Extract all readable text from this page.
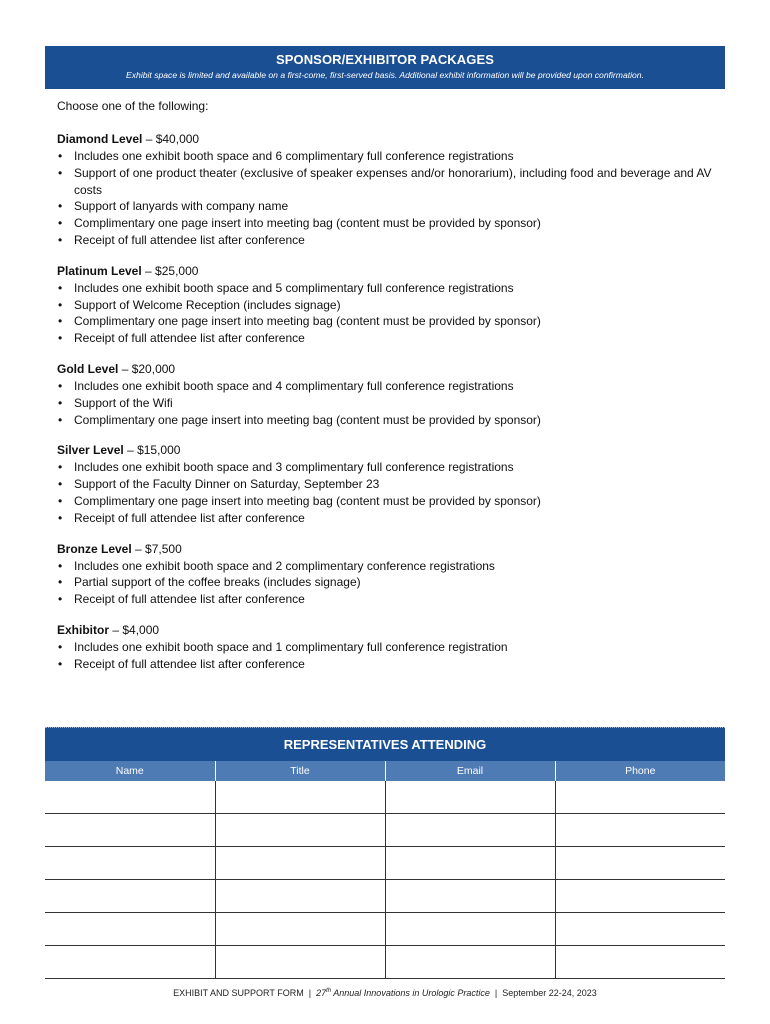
SPONSOR/EXHIBITOR PACKAGES
Exhibit space is limited and available on a first-come, first-served basis. Additional exhibit information will be provided upon confirmation.
Choose one of the following:
Diamond Level – $40,000
• Includes one exhibit booth space and 6 complimentary full conference registrations
• Support of one product theater (exclusive of speaker expenses and/or honorarium), including food and beverage and AV costs
• Support of lanyards with company name
• Complimentary one page insert into meeting bag (content must be provided by sponsor)
• Receipt of full attendee list after conference
Platinum Level – $25,000
• Includes one exhibit booth space and 5 complimentary full conference registrations
• Support of Welcome Reception (includes signage)
• Complimentary one page insert into meeting bag (content must be provided by sponsor)
• Receipt of full attendee list after conference
Gold Level – $20,000
• Includes one exhibit booth space and 4 complimentary full conference registrations
• Support of the Wifi
• Complimentary one page insert into meeting bag (content must be provided by sponsor)
Silver Level – $15,000
• Includes one exhibit booth space and 3 complimentary full conference registrations
• Support of the Faculty Dinner on Saturday, September 23
• Complimentary one page insert into meeting bag (content must be provided by sponsor)
• Receipt of full attendee list after conference
Bronze Level – $7,500
• Includes one exhibit booth space and 2 complimentary conference registrations
• Partial support of the coffee breaks (includes signage)
• Receipt of full attendee list after conference
Exhibitor – $4,000
• Includes one exhibit booth space and 1 complimentary full conference registration
• Receipt of full attendee list after conference
REPRESENTATIVES ATTENDING
Name	Title	Email	Phone

EXHIBIT AND SUPPORT FORM | 27th Annual Innovations in Urologic Practice | September 22-24, 2023
